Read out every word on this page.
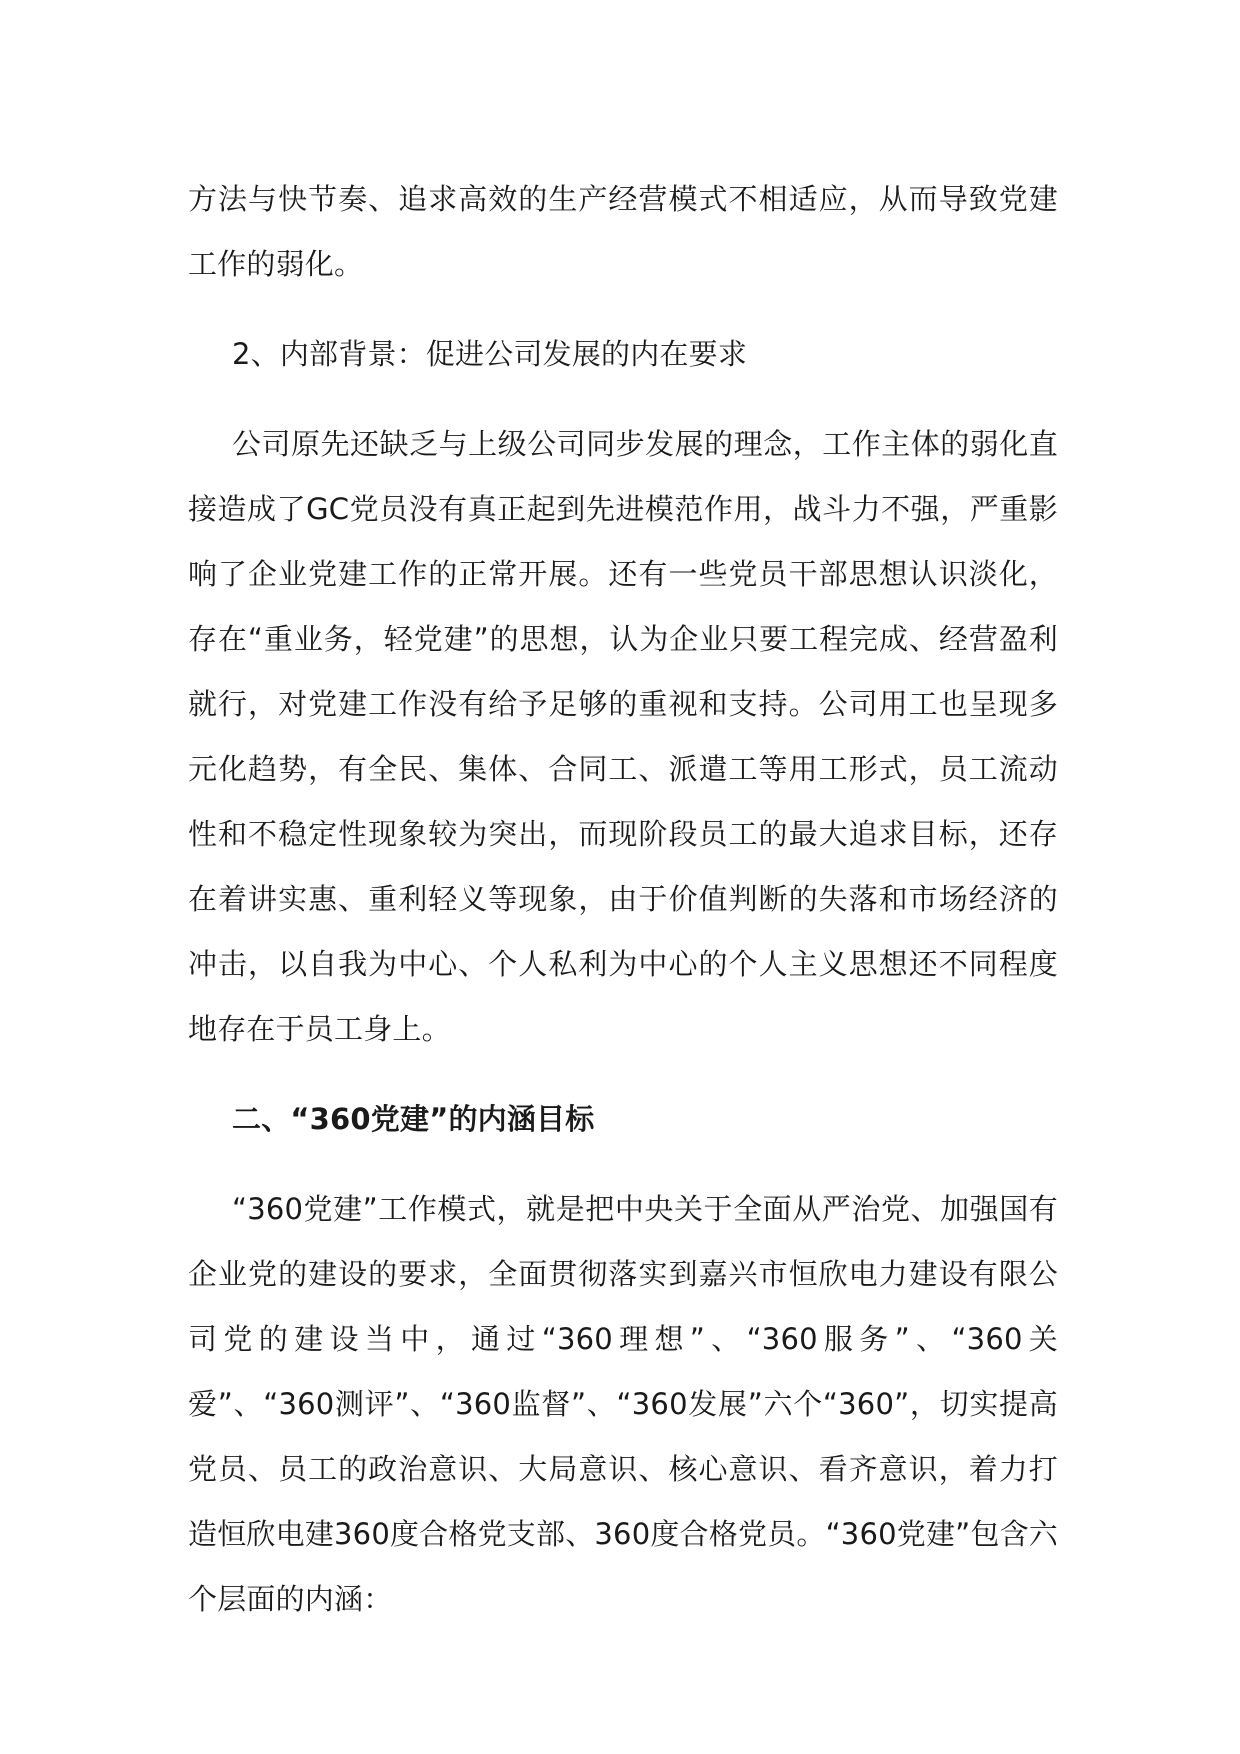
方法与快节奏、追求高效的生产经营模式不相适应，从而导致党建工作的弱化。

2、内部背景：促进公司发展的内在要求

公司原先还缺乏与上级公司同步发展的理念，工作主体的弱化直接造成了GC党员没有真正起到先进模范作用，战斗力不强，严重影响了企业党建工作的正常开展。还有一些党员干部思想认识淡化，存在“重业务，轻党建”的思想，认为企业只要工程完成、经营盈利就行，对党建工作没有给予足够的重视和支持。公司用工也呈现多元化趋势，有全民、集体、合同工、派遣工等用工形式，员工流动性和不稳定性现象较为突出，而现阶段员工的最大追求目标，还存在着讲实惠、重利轻义等现象，由于价值判断的失落和市场经济的冲击，以自我为中心、个人私利为中心的个人主义思想还不同程度地存在于员工身上。

二、“360党建”的内涵目标

“360党建”工作模式，就是把中央关于全面从严治党、加强国有企业党的建设的要求，全面贯彻落实到嘉兴市恒欣电力建设有限公司党的建设当中，通过“360理想”、“360服务”、“360关爱”、“360测评”、“360监督”、“360发展”六个“360”，切实提高党员、员工的政治意识、大局意识、核心意识、看齐意识，着力打造恒欣电建360度合格党支部、360度合格党员。“360党建”包含六个层面的内涵：
